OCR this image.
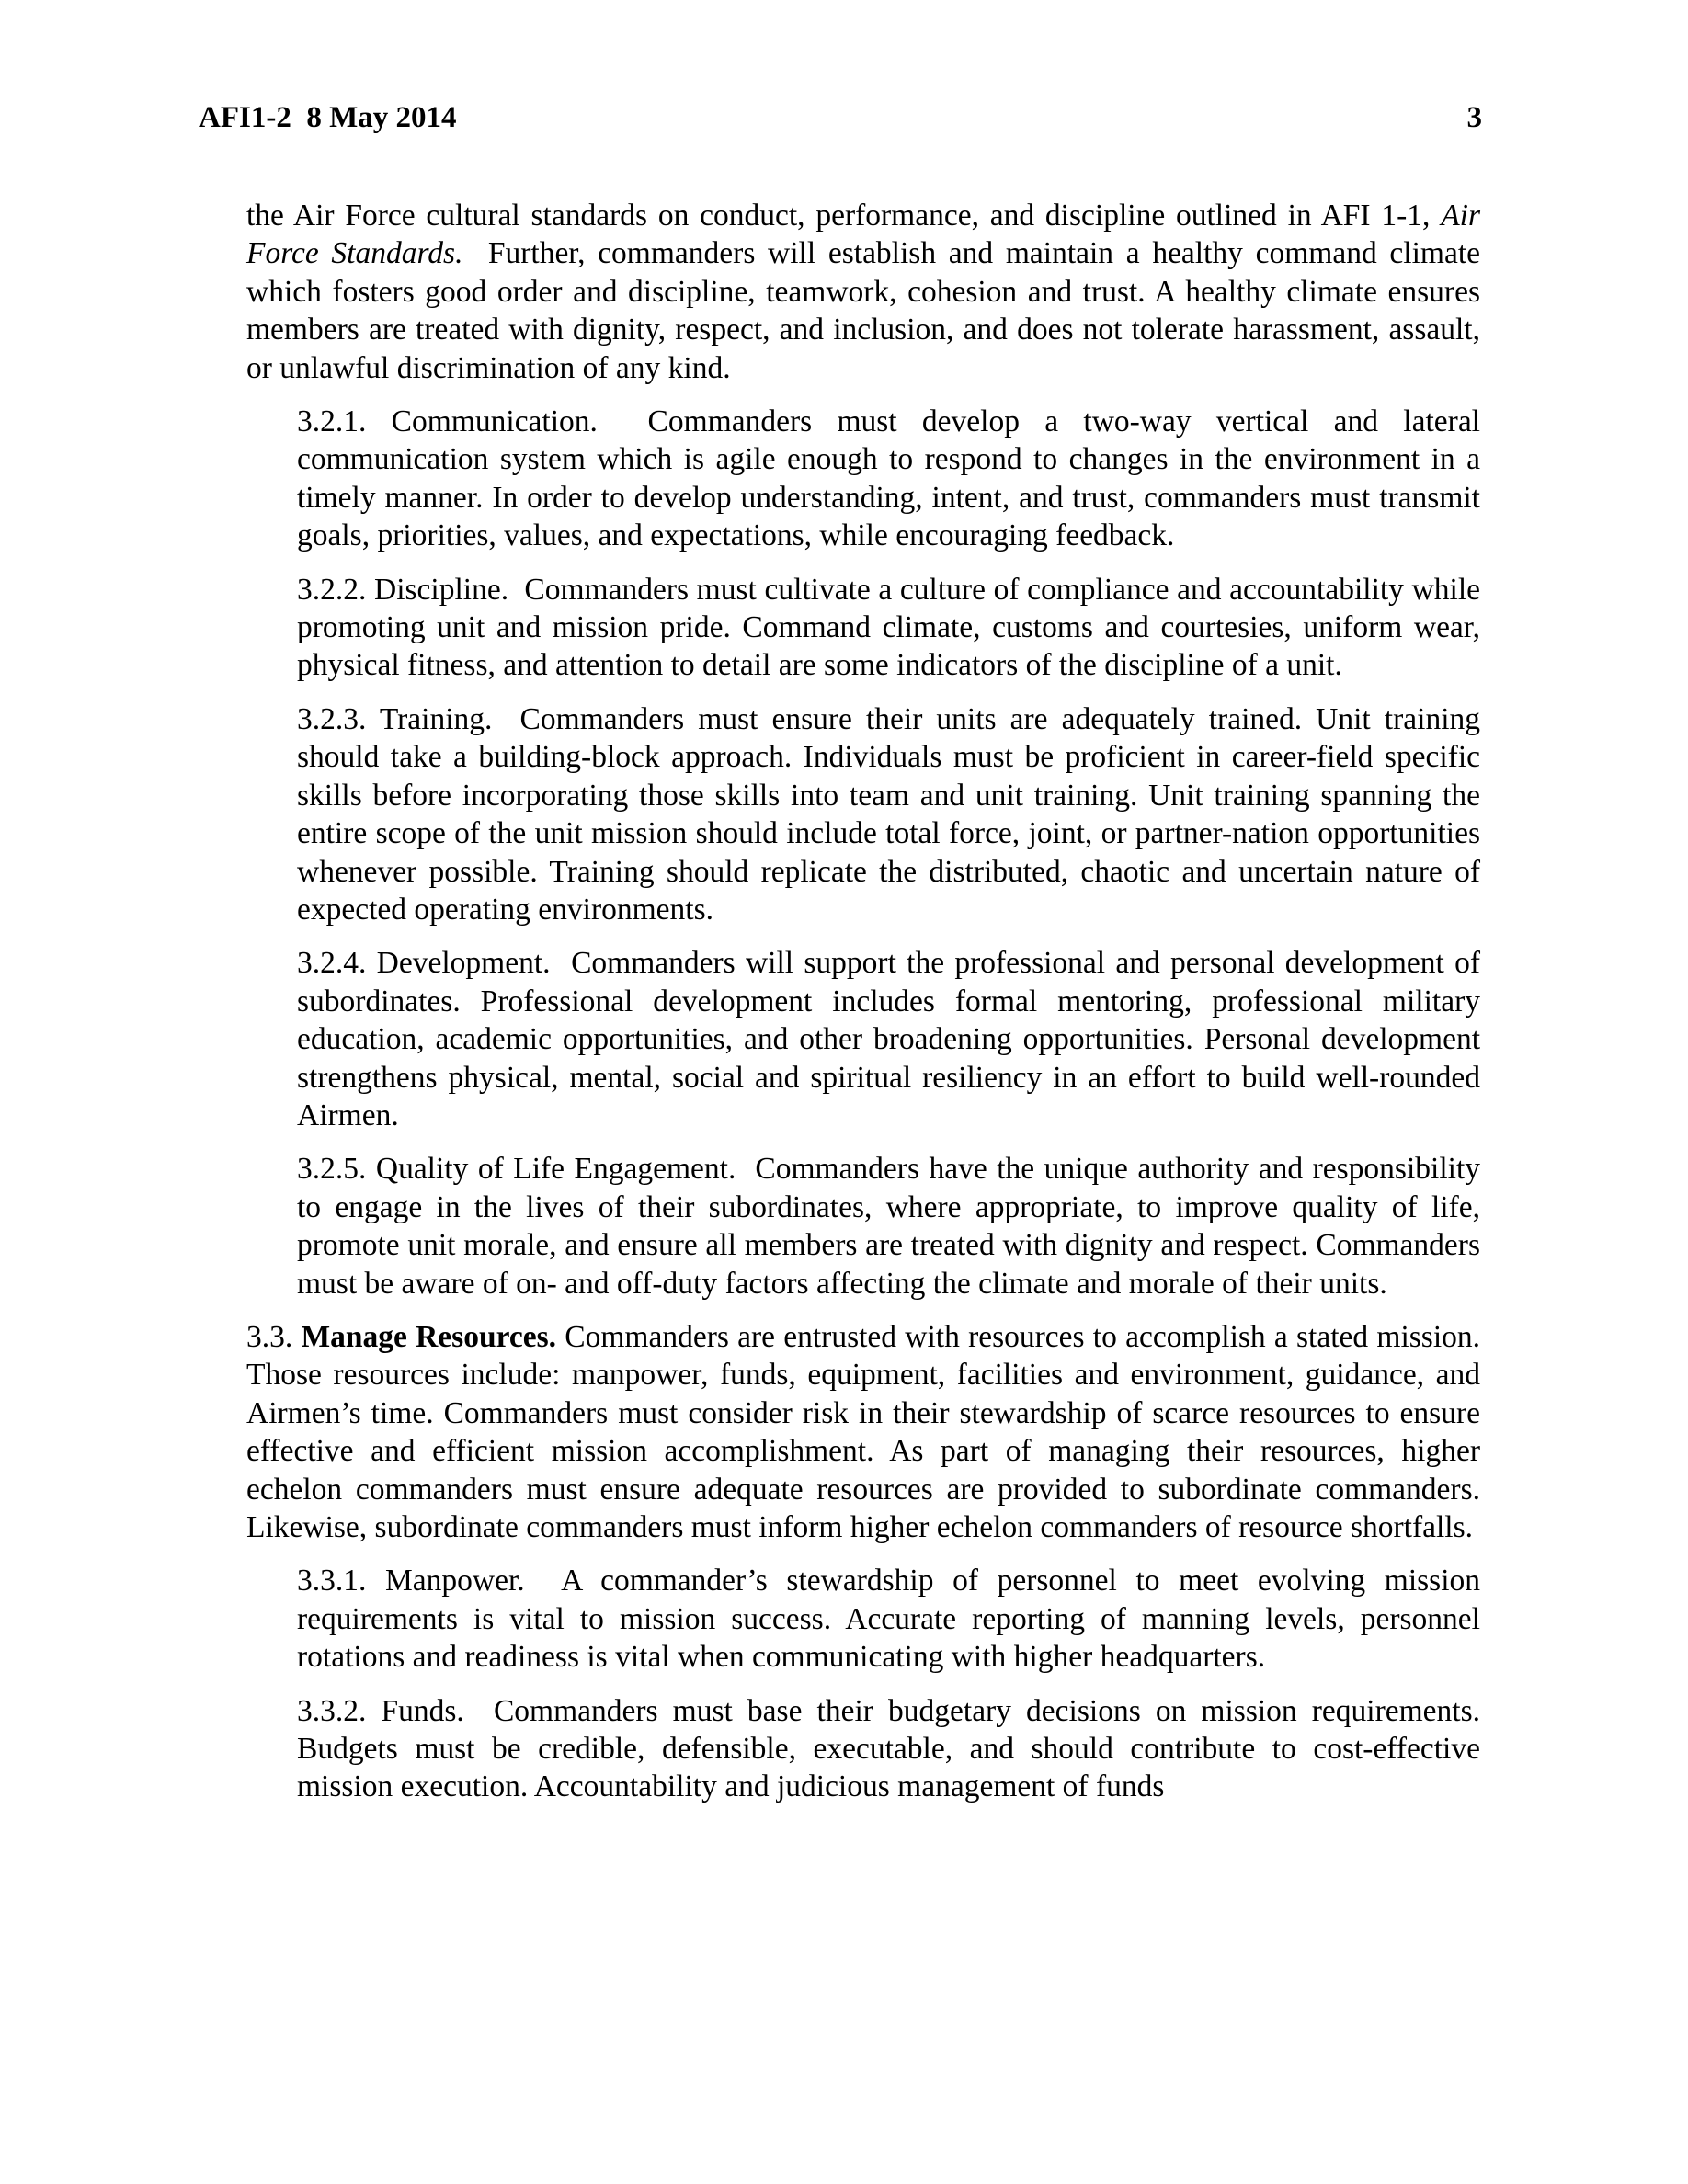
AFI1-2  8 May 2014	3

the Air Force cultural standards on conduct, performance, and discipline outlined in AFI 1-1, Air Force Standards. Further, commanders will establish and maintain a healthy command climate which fosters good order and discipline, teamwork, cohesion and trust. A healthy climate ensures members are treated with dignity, respect, and inclusion, and does not tolerate harassment, assault, or unlawful discrimination of any kind.

3.2.1. Communication. Commanders must develop a two-way vertical and lateral communication system which is agile enough to respond to changes in the environment in a timely manner. In order to develop understanding, intent, and trust, commanders must transmit goals, priorities, values, and expectations, while encouraging feedback.

3.2.2. Discipline. Commanders must cultivate a culture of compliance and accountability while promoting unit and mission pride. Command climate, customs and courtesies, uniform wear, physical fitness, and attention to detail are some indicators of the discipline of a unit.

3.2.3. Training. Commanders must ensure their units are adequately trained. Unit training should take a building-block approach. Individuals must be proficient in career-field specific skills before incorporating those skills into team and unit training. Unit training spanning the entire scope of the unit mission should include total force, joint, or partner-nation opportunities whenever possible. Training should replicate the distributed, chaotic and uncertain nature of expected operating environments.

3.2.4. Development. Commanders will support the professional and personal development of subordinates. Professional development includes formal mentoring, professional military education, academic opportunities, and other broadening opportunities. Personal development strengthens physical, mental, social and spiritual resiliency in an effort to build well-rounded Airmen.

3.2.5. Quality of Life Engagement. Commanders have the unique authority and responsibility to engage in the lives of their subordinates, where appropriate, to improve quality of life, promote unit morale, and ensure all members are treated with dignity and respect. Commanders must be aware of on- and off-duty factors affecting the climate and morale of their units.

3.3. Manage Resources. Commanders are entrusted with resources to accomplish a stated mission. Those resources include: manpower, funds, equipment, facilities and environment, guidance, and Airmen’s time. Commanders must consider risk in their stewardship of scarce resources to ensure effective and efficient mission accomplishment. As part of managing their resources, higher echelon commanders must ensure adequate resources are provided to subordinate commanders. Likewise, subordinate commanders must inform higher echelon commanders of resource shortfalls.

3.3.1. Manpower. A commander’s stewardship of personnel to meet evolving mission requirements is vital to mission success. Accurate reporting of manning levels, personnel rotations and readiness is vital when communicating with higher headquarters.

3.3.2. Funds. Commanders must base their budgetary decisions on mission requirements. Budgets must be credible, defensible, executable, and should contribute to cost-effective mission execution. Accountability and judicious management of funds
